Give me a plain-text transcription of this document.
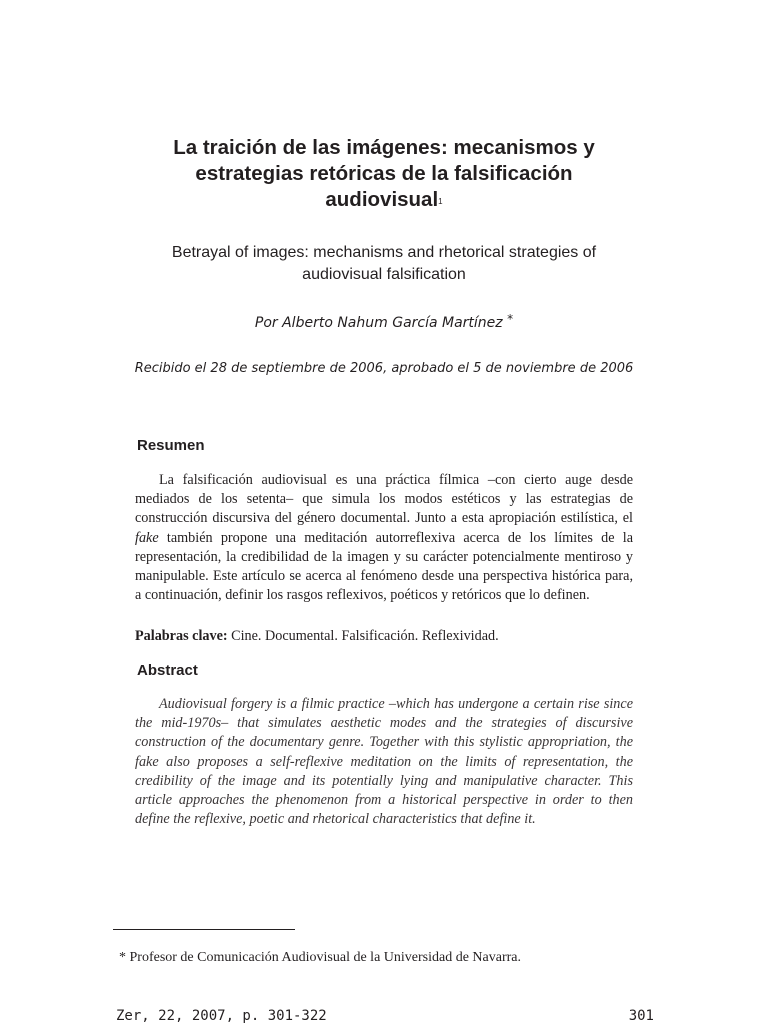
La traición de las imágenes: mecanismos y
estrategias retóricas de la falsificación
audiovisual$^1$
Betrayal of images: mechanisms and rhetorical strategies of
audiovisual falsification
Por Alberto Nahum García Martínez *
Recibido el 28 de septiembre de 2006, aprobado el 5 de noviembre de 2006
Resumen

La falsificación audiovisual es una práctica fílmica –con cierto auge desde mediados de los setenta– que simula los modos estéticos y las estrategias de construcción discursiva del género documental. Junto a esta apropiación estilística, el fake también propone una meditación autorreflexiva acerca de los límites de la representación, la credibilidad de la imagen y su carácter potencialmente mentiroso y manipulable. Este artículo se acerca al fenómeno desde una perspectiva histórica para, a continuación, definir los rasgos reflexivos, poéticos y retóricos que lo definen.

Palabras clave: Cine. Documental. Falsificación. Reflexividad.
Abstract

Audiovisual forgery is a filmic practice –which has undergone a certain rise since the mid-1970s– that simulates aesthetic modes and the strategies of discursive construction of the documentary genre. Together with this stylistic appropriation, the fake also proposes a self-reflexive meditation on the limits of representation, the credibility of the image and its potentially lying and manipulative character. This article approaches the phenomenon from a historical perspective in order to then define the reflexive, poetic and rhetorical characteristics that define it.

* Profesor de Comunicación Audiovisual de la Universidad de Navarra.
Zer, 22, 2007, p. 301-322	301
